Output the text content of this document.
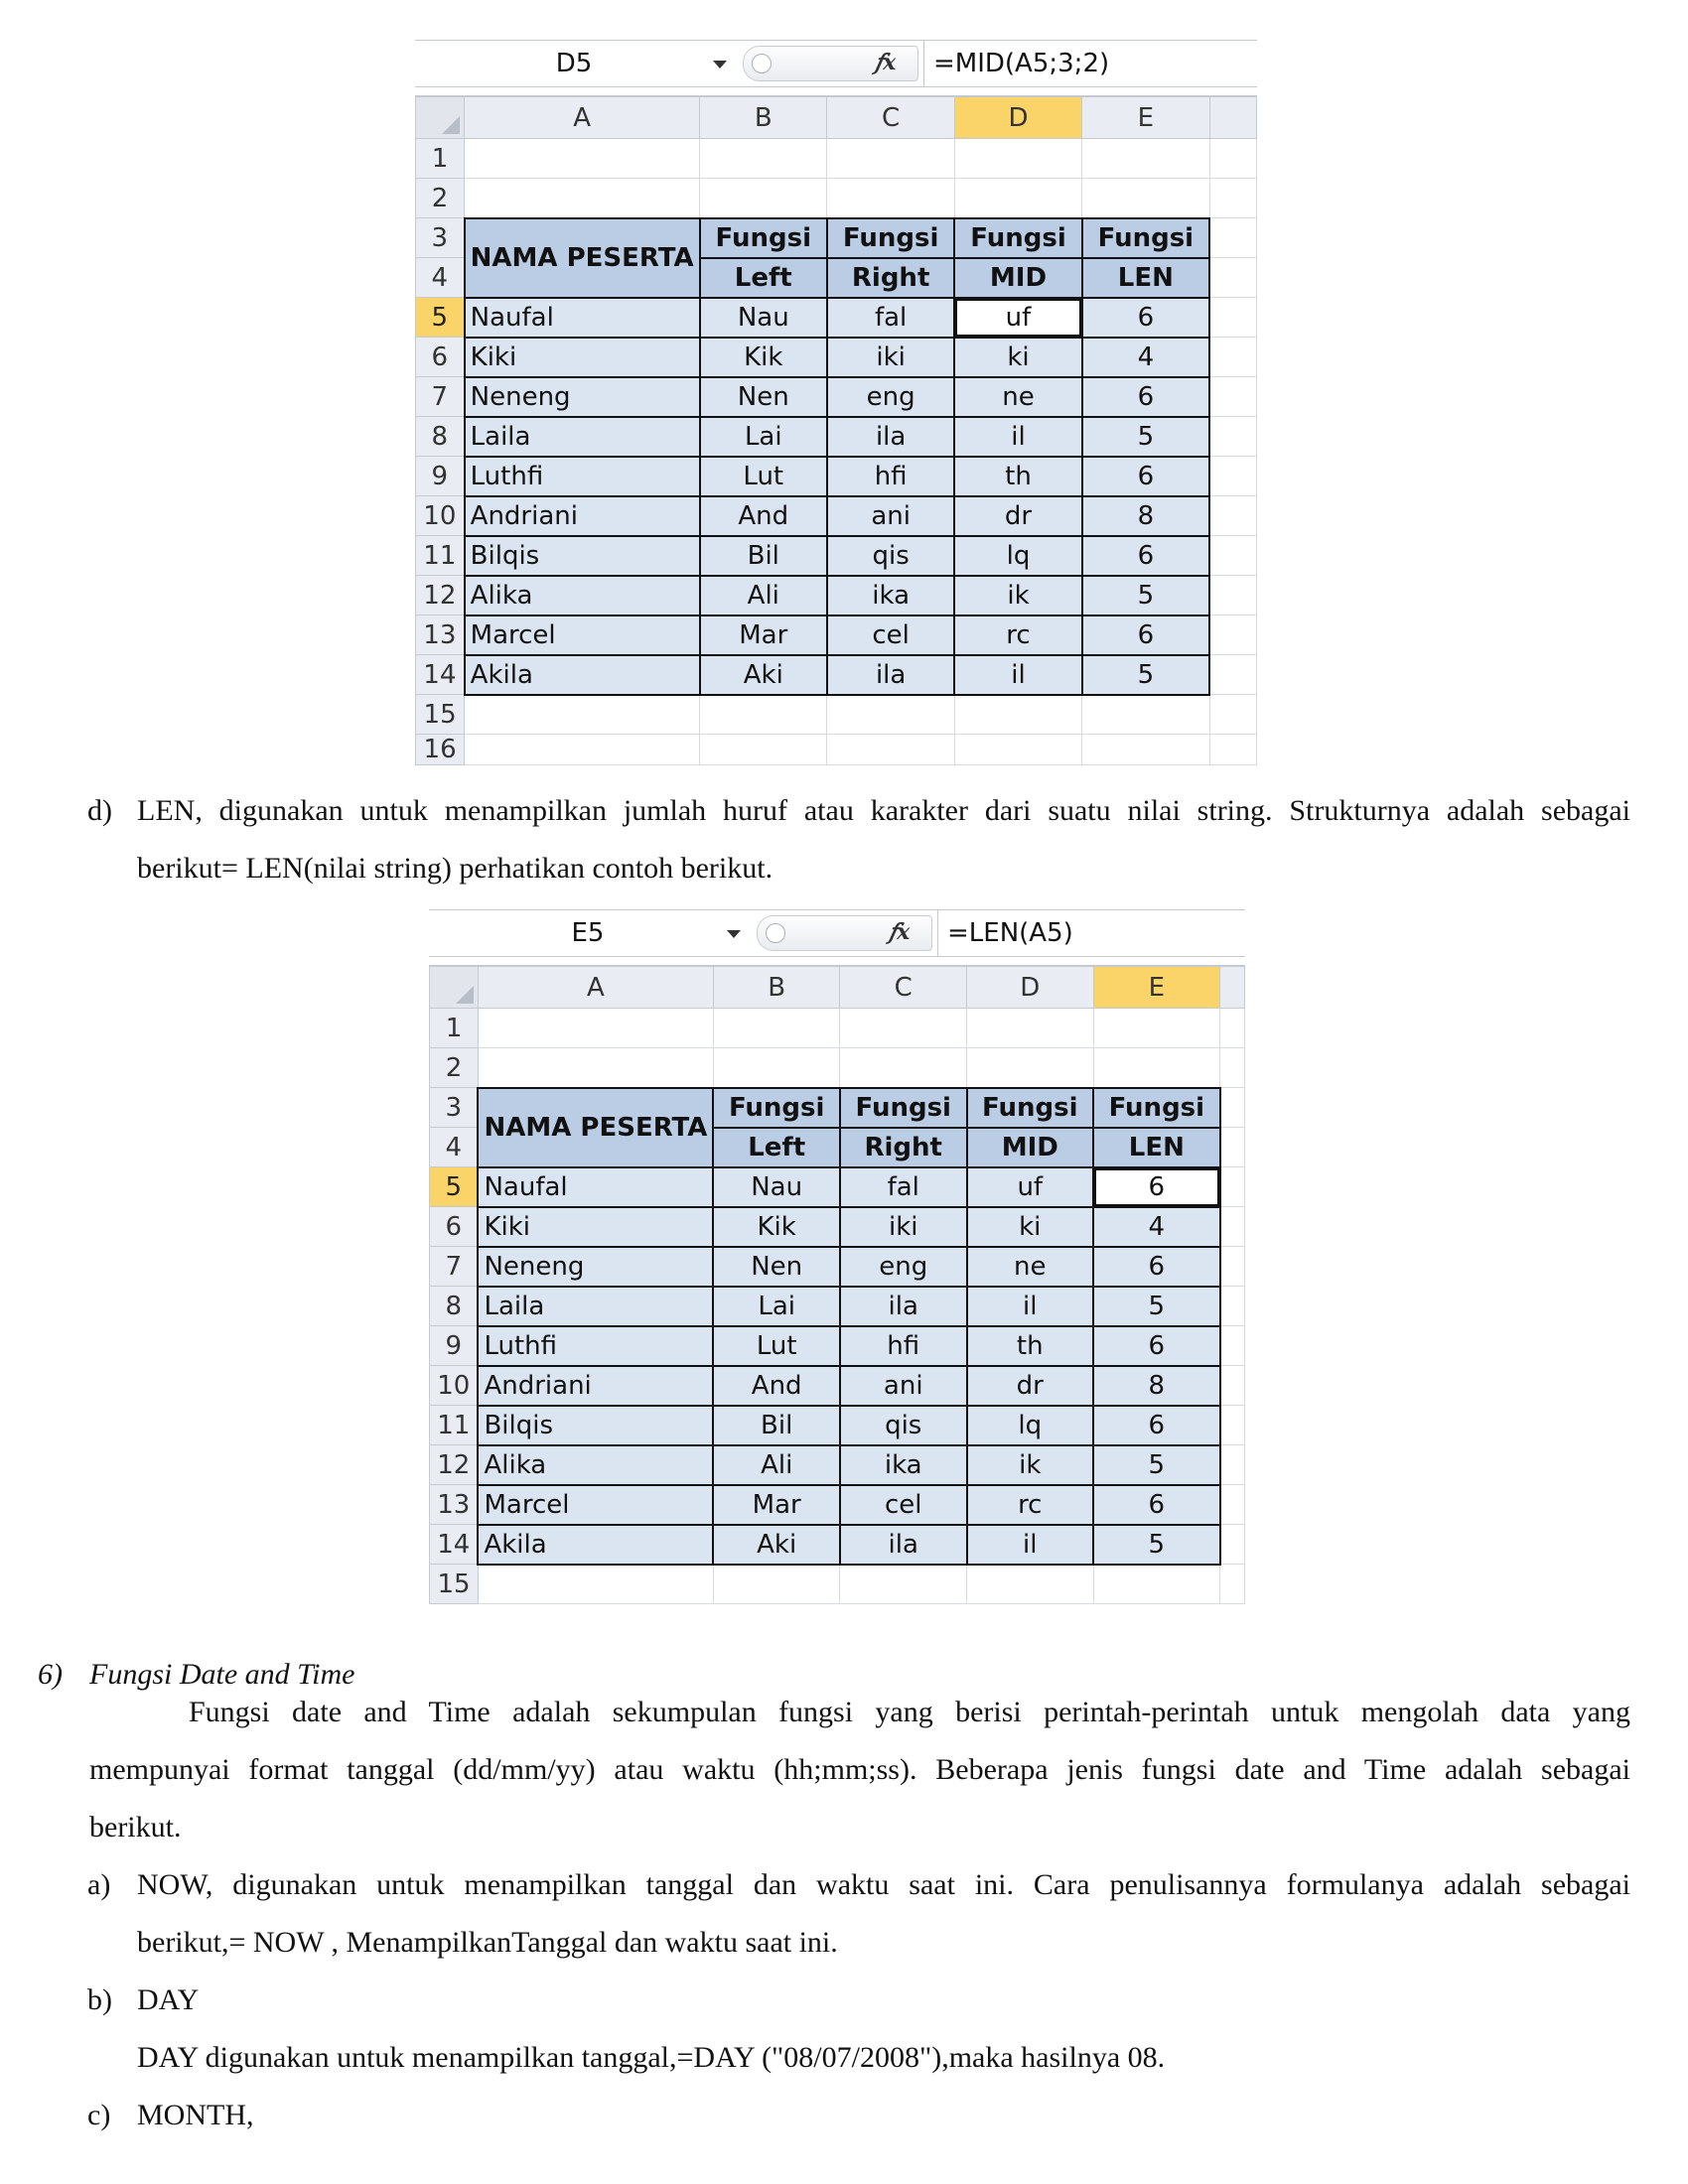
D5	𝑓x =MID(A5;3;2)
	A	B	C	D	E	
1						
2						
3	NAMA PESERTA	Fungsi	Fungsi	Fungsi	Fungsi	
4		Left	Right	MID	LEN	
5	Naufal	Nau	fal	uf	6	
6	Kiki	Kik	iki	ki	4	
7	Neneng	Nen	eng	ne	6	
8	Laila	Lai	ila	il	5	
9	Luthfi	Lut	hfi	th	6	
10	Andriani	And	ani	dr	8	
11	Bilqis	Bil	qis	lq	6	
12	Alika	Ali	ika	ik	5	
13	Marcel	Mar	cel	rc	6	
14	Akila	Aki	ila	il	5	
15						
16						
d) LEN, digunakan untuk menampilkan jumlah huruf atau karakter dari suatu nilai string. Strukturnya adalah sebagai
berikut= LEN(nilai string) perhatikan contoh berikut.
E5	𝑓x =LEN(A5)
	A	B	C	D	E	
1						
2						
3	NAMA PESERTA	Fungsi	Fungsi	Fungsi	Fungsi	
4		Left	Right	MID	LEN	
5	Naufal	Nau	fal	uf	6	
6	Kiki	Kik	iki	ki	4	
7	Neneng	Nen	eng	ne	6	
8	Laila	Lai	ila	il	5	
9	Luthfi	Lut	hfi	th	6	
10	Andriani	And	ani	dr	8	
11	Bilqis	Bil	qis	lq	6	
12	Alika	Ali	ika	ik	5	
13	Marcel	Mar	cel	rc	6	
14	Akila	Aki	ila	il	5	
15						
6) Fungsi Date and Time
Fungsi date and Time adalah sekumpulan fungsi yang berisi perintah-perintah untuk mengolah data yang
mempunyai format tanggal (dd/mm/yy) atau waktu (hh;mm;ss). Beberapa jenis fungsi date and Time adalah sebagai
berikut.
a) NOW, digunakan untuk menampilkan tanggal dan waktu saat ini. Cara penulisannya formulanya adalah sebagai
berikut,= NOW , MenampilkanTanggal dan waktu saat ini.
b) DAY
DAY digunakan untuk menampilkan tanggal,=DAY ("08/07/2008"),maka hasilnya 08.
c) MONTH,
